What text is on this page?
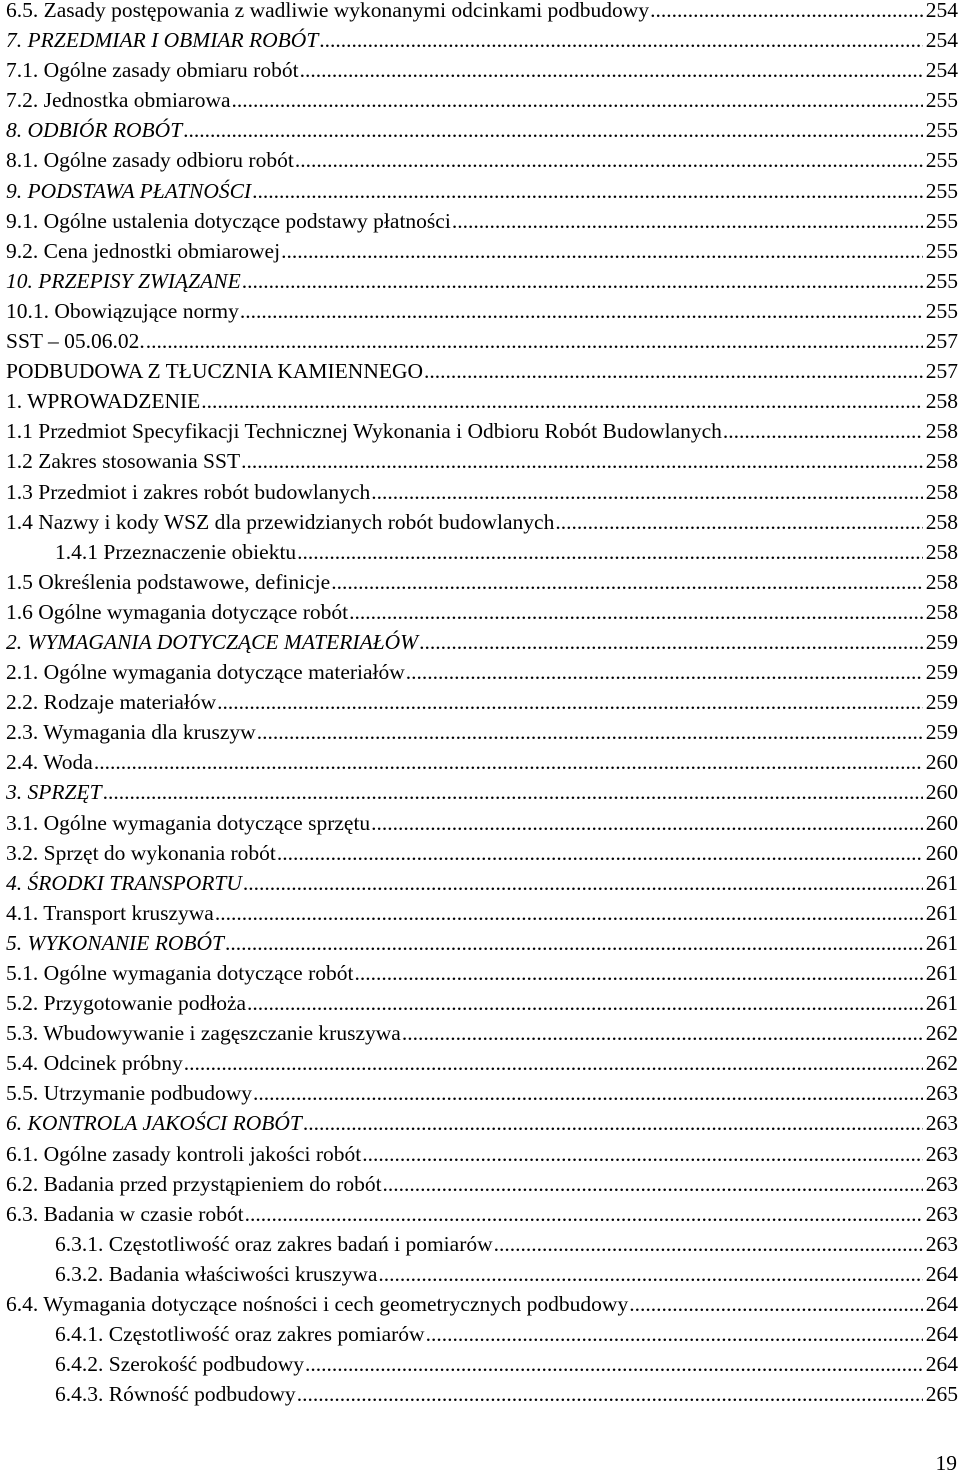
6.5. Zasady postępowania z wadliwie wykonanymi odcinkami podbudowy .....	254
7. PRZEDMIAR I OBMIAR ROBÓT .....	254
7.1. Ogólne zasady obmiaru robót .....	254
7.2. Jednostka obmiarowa .....	255
8. ODBIÓR ROBÓT .....	255
8.1. Ogólne zasady odbioru robót .....	255
9. PODSTAWA PŁATNOŚCI .....	255
9.1. Ogólne ustalenia dotyczące podstawy płatności .....	255
9.2. Cena jednostki obmiarowej .....	255
10. PRZEPISY ZWIĄZANE .....	255
10.1. Obowiązujące normy .....	255
SST – 05.06.02. .....	257
PODBUDOWA Z TŁUCZNIA KAMIENNEGO .....	257
1. WPROWADZENIE .....	258
1.1 Przedmiot Specyfikacji Technicznej Wykonania i Odbioru Robót Budowlanych .....	258
1.2 Zakres stosowania SST .....	258
1.3 Przedmiot i zakres robót budowlanych .....	258
1.4 Nazwy i kody WSZ dla przewidzianych robót budowlanych .....	258
1.4.1 Przeznaczenie obiektu .....	258
1.5 Określenia podstawowe, definicje .....	258
1.6 Ogólne wymagania dotyczące robót .....	258
2. WYMAGANIA DOTYCZĄCE MATERIAŁÓW .....	259
2.1. Ogólne wymagania dotyczące materiałów .....	259
2.2. Rodzaje materiałów .....	259
2.3. Wymagania dla kruszyw .....	259
2.4. Woda .....	260
3. SPRZĘT .....	260
3.1. Ogólne wymagania dotyczące sprzętu .....	260
3.2. Sprzęt do wykonania robót .....	260
4. ŚRODKI TRANSPORTU .....	261
4.1. Transport kruszywa .....	261
5. WYKONANIE ROBÓT .....	261
5.1. Ogólne wymagania dotyczące robót .....	261
5.2. Przygotowanie podłoża .....	261
5.3. Wbudowywanie i zagęszczanie kruszywa .....	262
5.4. Odcinek próbny .....	262
5.5. Utrzymanie podbudowy .....	263
6. KONTROLA JAKOŚCI ROBÓT .....	263
6.1. Ogólne zasady kontroli jakości robót .....	263
6.2. Badania przed przystąpieniem do robót .....	263
6.3. Badania w czasie robót .....	263
6.3.1. Częstotliwość oraz zakres badań i pomiarów .....	263
6.3.2. Badania właściwości kruszywa .....	264
6.4. Wymagania dotyczące nośności i cech geometrycznych podbudowy .....	264
6.4.1. Częstotliwość oraz zakres pomiarów .....	264
6.4.2. Szerokość podbudowy .....	264
6.4.3. Równość podbudowy .....	265
19
